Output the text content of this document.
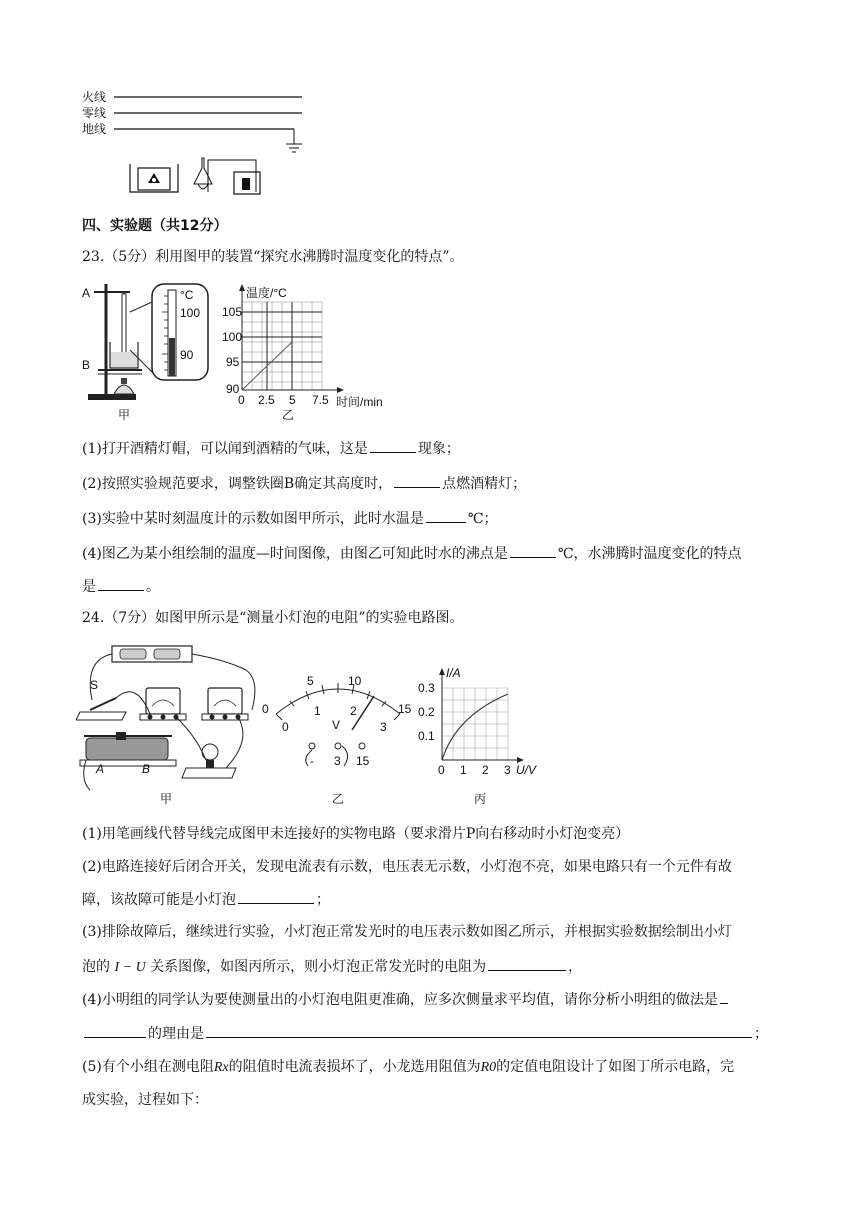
火线
零线
地线
四、实验题（共12分）
23.（5分）利用图甲的装置“探究水沸腾时温度变化的特点”。
A
B
°C
100
90
甲
温度/°C
105
100
95
90
0 2.5 5 7.5 时间/min
乙
(1)打开酒精灯帽，可以闻到酒精的气味，这是	现象；
(2)按照实验规范要求，调整铁圈B确定其高度时，	点燃酒精灯；
(3)实验中某时刻温度计的示数如图甲所示，此时水温是	℃；
(4)图乙为某小组绘制的温度—时间图像，由图乙可知此时水的沸点是	℃，水沸腾时温度变化的特点
是	。
24.（7分）如图甲所示是“测量小灯泡的电阻”的实验电路图。
S
A	B
甲
5	10
15
0
0
1 2
3
V
- 3 15
乙
I/A
0.3
0.2
0.1
0 1 2 3 U/V
丙
(1)用笔画线代替导线完成图甲未连接好的实物电路（要求滑片P向右移动时小灯泡变亮）
(2)电路连接好后闭合开关，发现电流表有示数，电压表无示数，小灯泡不亮，如果电路只有一个元件有故
障，该故障可能是小灯泡	；
(3)排除故障后，继续进行实验，小灯泡正常发光时的电压表示数如图乙所示，并根据实验数据绘制出小灯
泡的 I − U 关系图像，如图丙所示，则小灯泡正常发光时的电阻为	，
(4)小明组的同学认为要使测量出的小灯泡电阻更准确，应多次侧量求平均值，请你分析小明组的做法是
的理由是	；
(5)有个小组在测电阻Rx的阻值时电流表损坏了，小龙选用阻值为R0的定值电阻设计了如图丁所示电路，完
成实验，过程如下：
